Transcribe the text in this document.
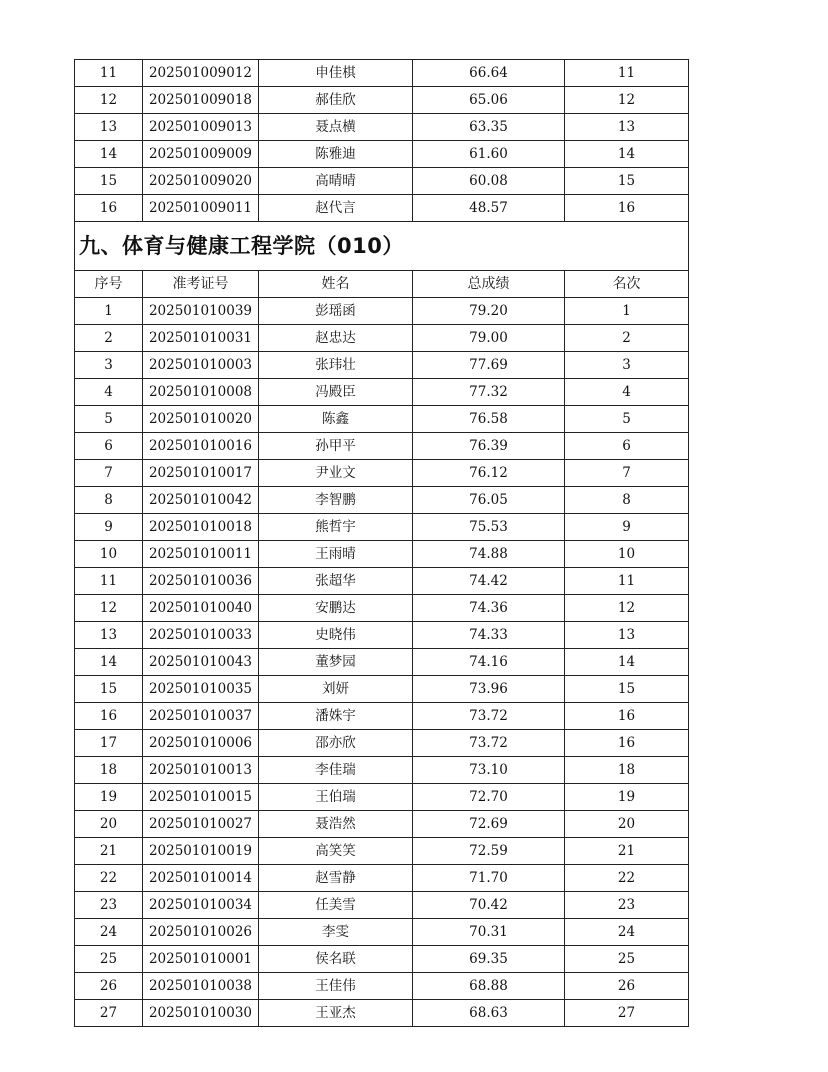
11	202501009012	申佳棋	66.64	11
12	202501009018	郝佳欣	65.06	12
13	202501009013	聂点横	63.35	13
14	202501009009	陈雅迪	61.60	14
15	202501009020	高晴晴	60.08	15
16	202501009011	赵代言	48.57	16
九、体育与健康工程学院（010）				
序号	准考证号	姓名	总成绩	名次
1	202501010039	彭瑶函	79.20	1
2	202501010031	赵忠达	79.00	2
3	202501010003	张玮壮	77.69	3
4	202501010008	冯殿臣	77.32	4
5	202501010020	陈鑫	76.58	5
6	202501010016	孙甲平	76.39	6
7	202501010017	尹业文	76.12	7
8	202501010042	李智鹏	76.05	8
9	202501010018	熊哲宇	75.53	9
10	202501010011	王雨晴	74.88	10
11	202501010036	张超华	74.42	11
12	202501010040	安鹏达	74.36	12
13	202501010033	史晓伟	74.33	13
14	202501010043	董梦园	74.16	14
15	202501010035	刘妍	73.96	15
16	202501010037	潘姝宇	73.72	16
17	202501010006	邵亦欣	73.72	16
18	202501010013	李佳瑞	73.10	18
19	202501010015	王伯瑞	72.70	19
20	202501010027	聂浩然	72.69	20
21	202501010019	高笑笑	72.59	21
22	202501010014	赵雪静	71.70	22
23	202501010034	任美雪	70.42	23
24	202501010026	李雯	70.31	24
25	202501010001	侯名联	69.35	25
26	202501010038	王佳伟	68.88	26
27	202501010030	王亚杰	68.63	27
